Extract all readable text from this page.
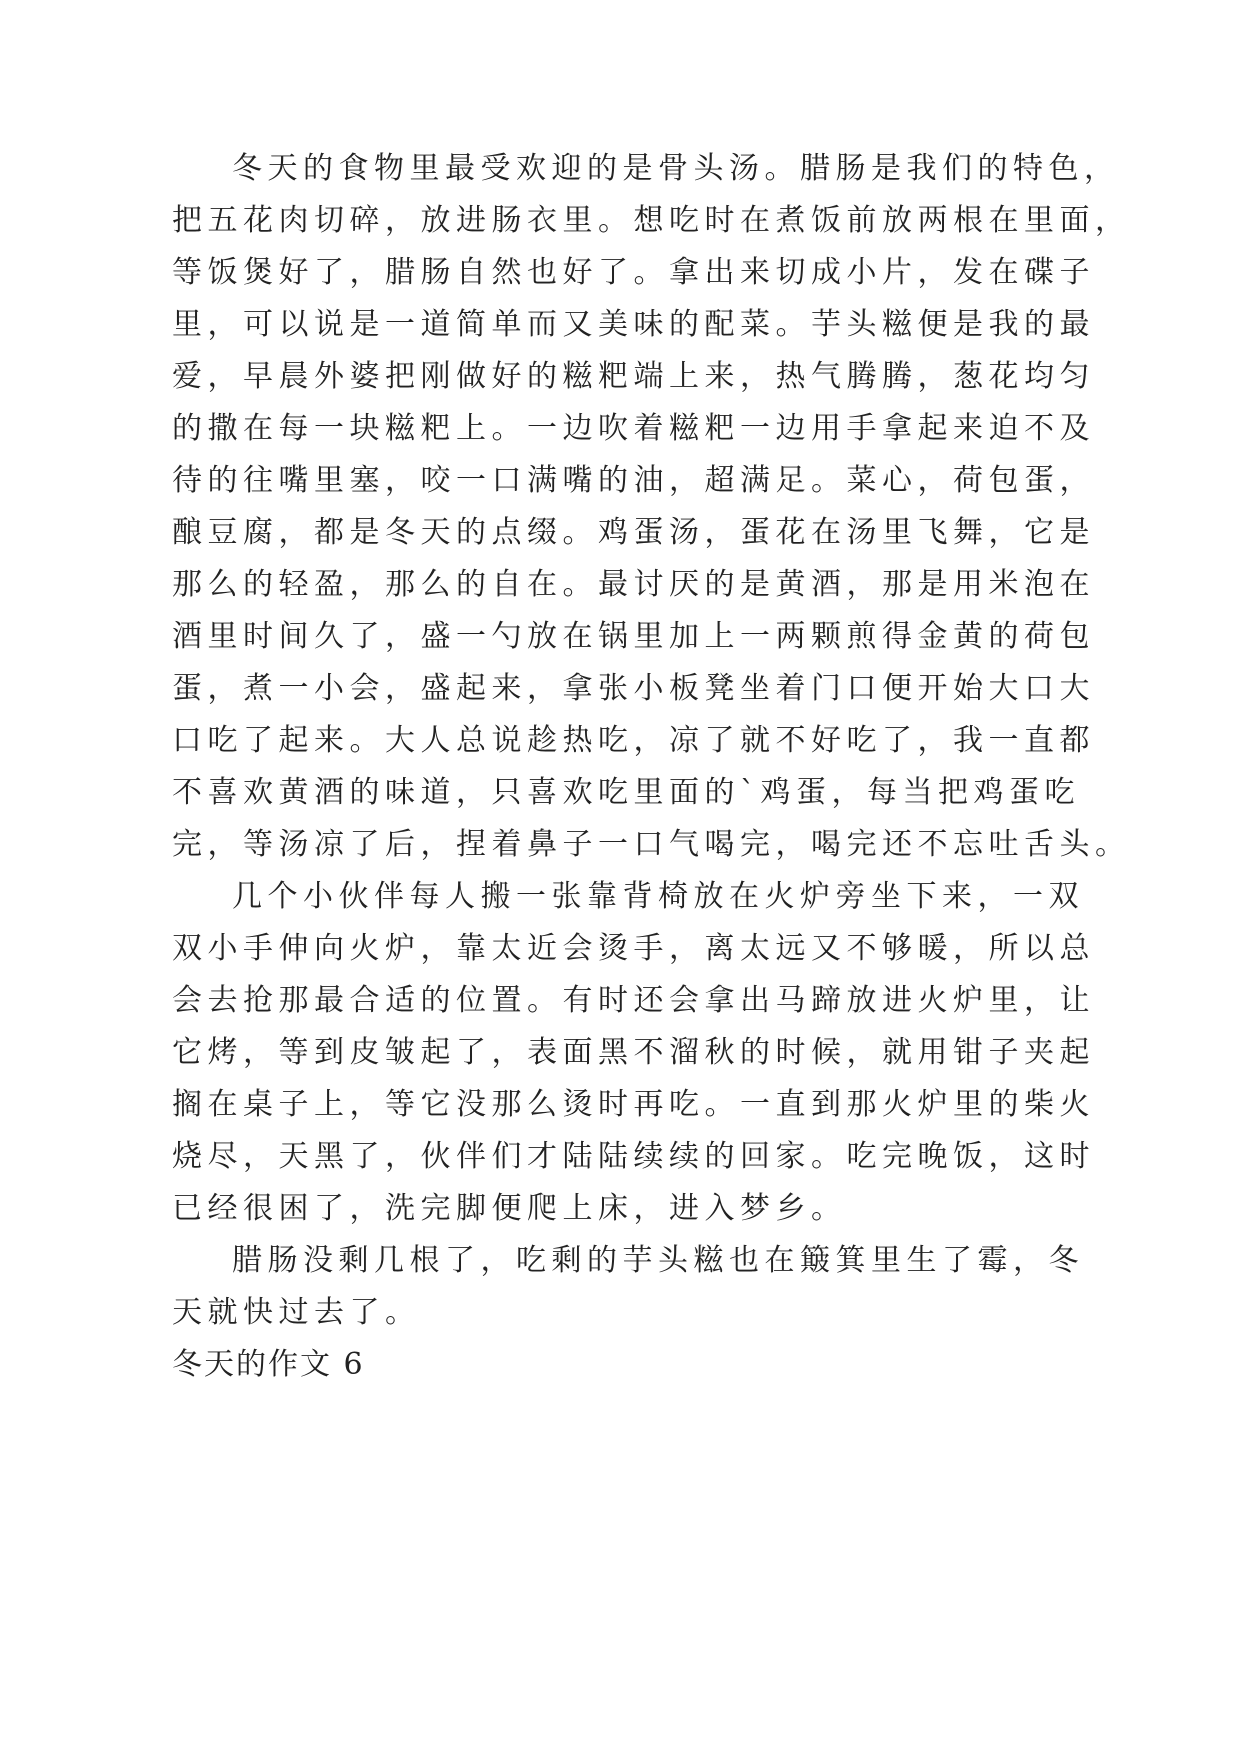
冬天的食物里最受欢迎的是骨头汤。腊肠是我们的特色，
把五花肉切碎，放进肠衣里。想吃时在煮饭前放两根在里面，
等饭煲好了，腊肠自然也好了。拿出来切成小片，发在碟子
里，可以说是一道简单而又美味的配菜。芋头糍便是我的最
爱，早晨外婆把刚做好的糍粑端上来，热气腾腾，葱花均匀
的撒在每一块糍粑上。一边吹着糍粑一边用手拿起来迫不及
待的往嘴里塞，咬一口满嘴的油，超满足。菜心，荷包蛋，
酿豆腐，都是冬天的点缀。鸡蛋汤，蛋花在汤里飞舞，它是
那么的轻盈，那么的自在。最讨厌的是黄酒，那是用米泡在
酒里时间久了，盛一勺放在锅里加上一两颗煎得金黄的荷包
蛋，煮一小会，盛起来，拿张小板凳坐着门口便开始大口大
口吃了起来。大人总说趁热吃，凉了就不好吃了，我一直都
不喜欢黄酒的味道，只喜欢吃里面的`鸡蛋，每当把鸡蛋吃
完，等汤凉了后，捏着鼻子一口气喝完，喝完还不忘吐舌头。
几个小伙伴每人搬一张靠背椅放在火炉旁坐下来，一双
双小手伸向火炉，靠太近会烫手，离太远又不够暖，所以总
会去抢那最合适的位置。有时还会拿出马蹄放进火炉里，让
它烤，等到皮皱起了，表面黑不溜秋的时候，就用钳子夹起
搁在桌子上，等它没那么烫时再吃。一直到那火炉里的柴火
烧尽，天黑了，伙伴们才陆陆续续的回家。吃完晚饭，这时
已经很困了，洗完脚便爬上床，进入梦乡。
腊肠没剩几根了，吃剩的芋头糍也在簸箕里生了霉，冬
天就快过去了。
冬天的作文 6
